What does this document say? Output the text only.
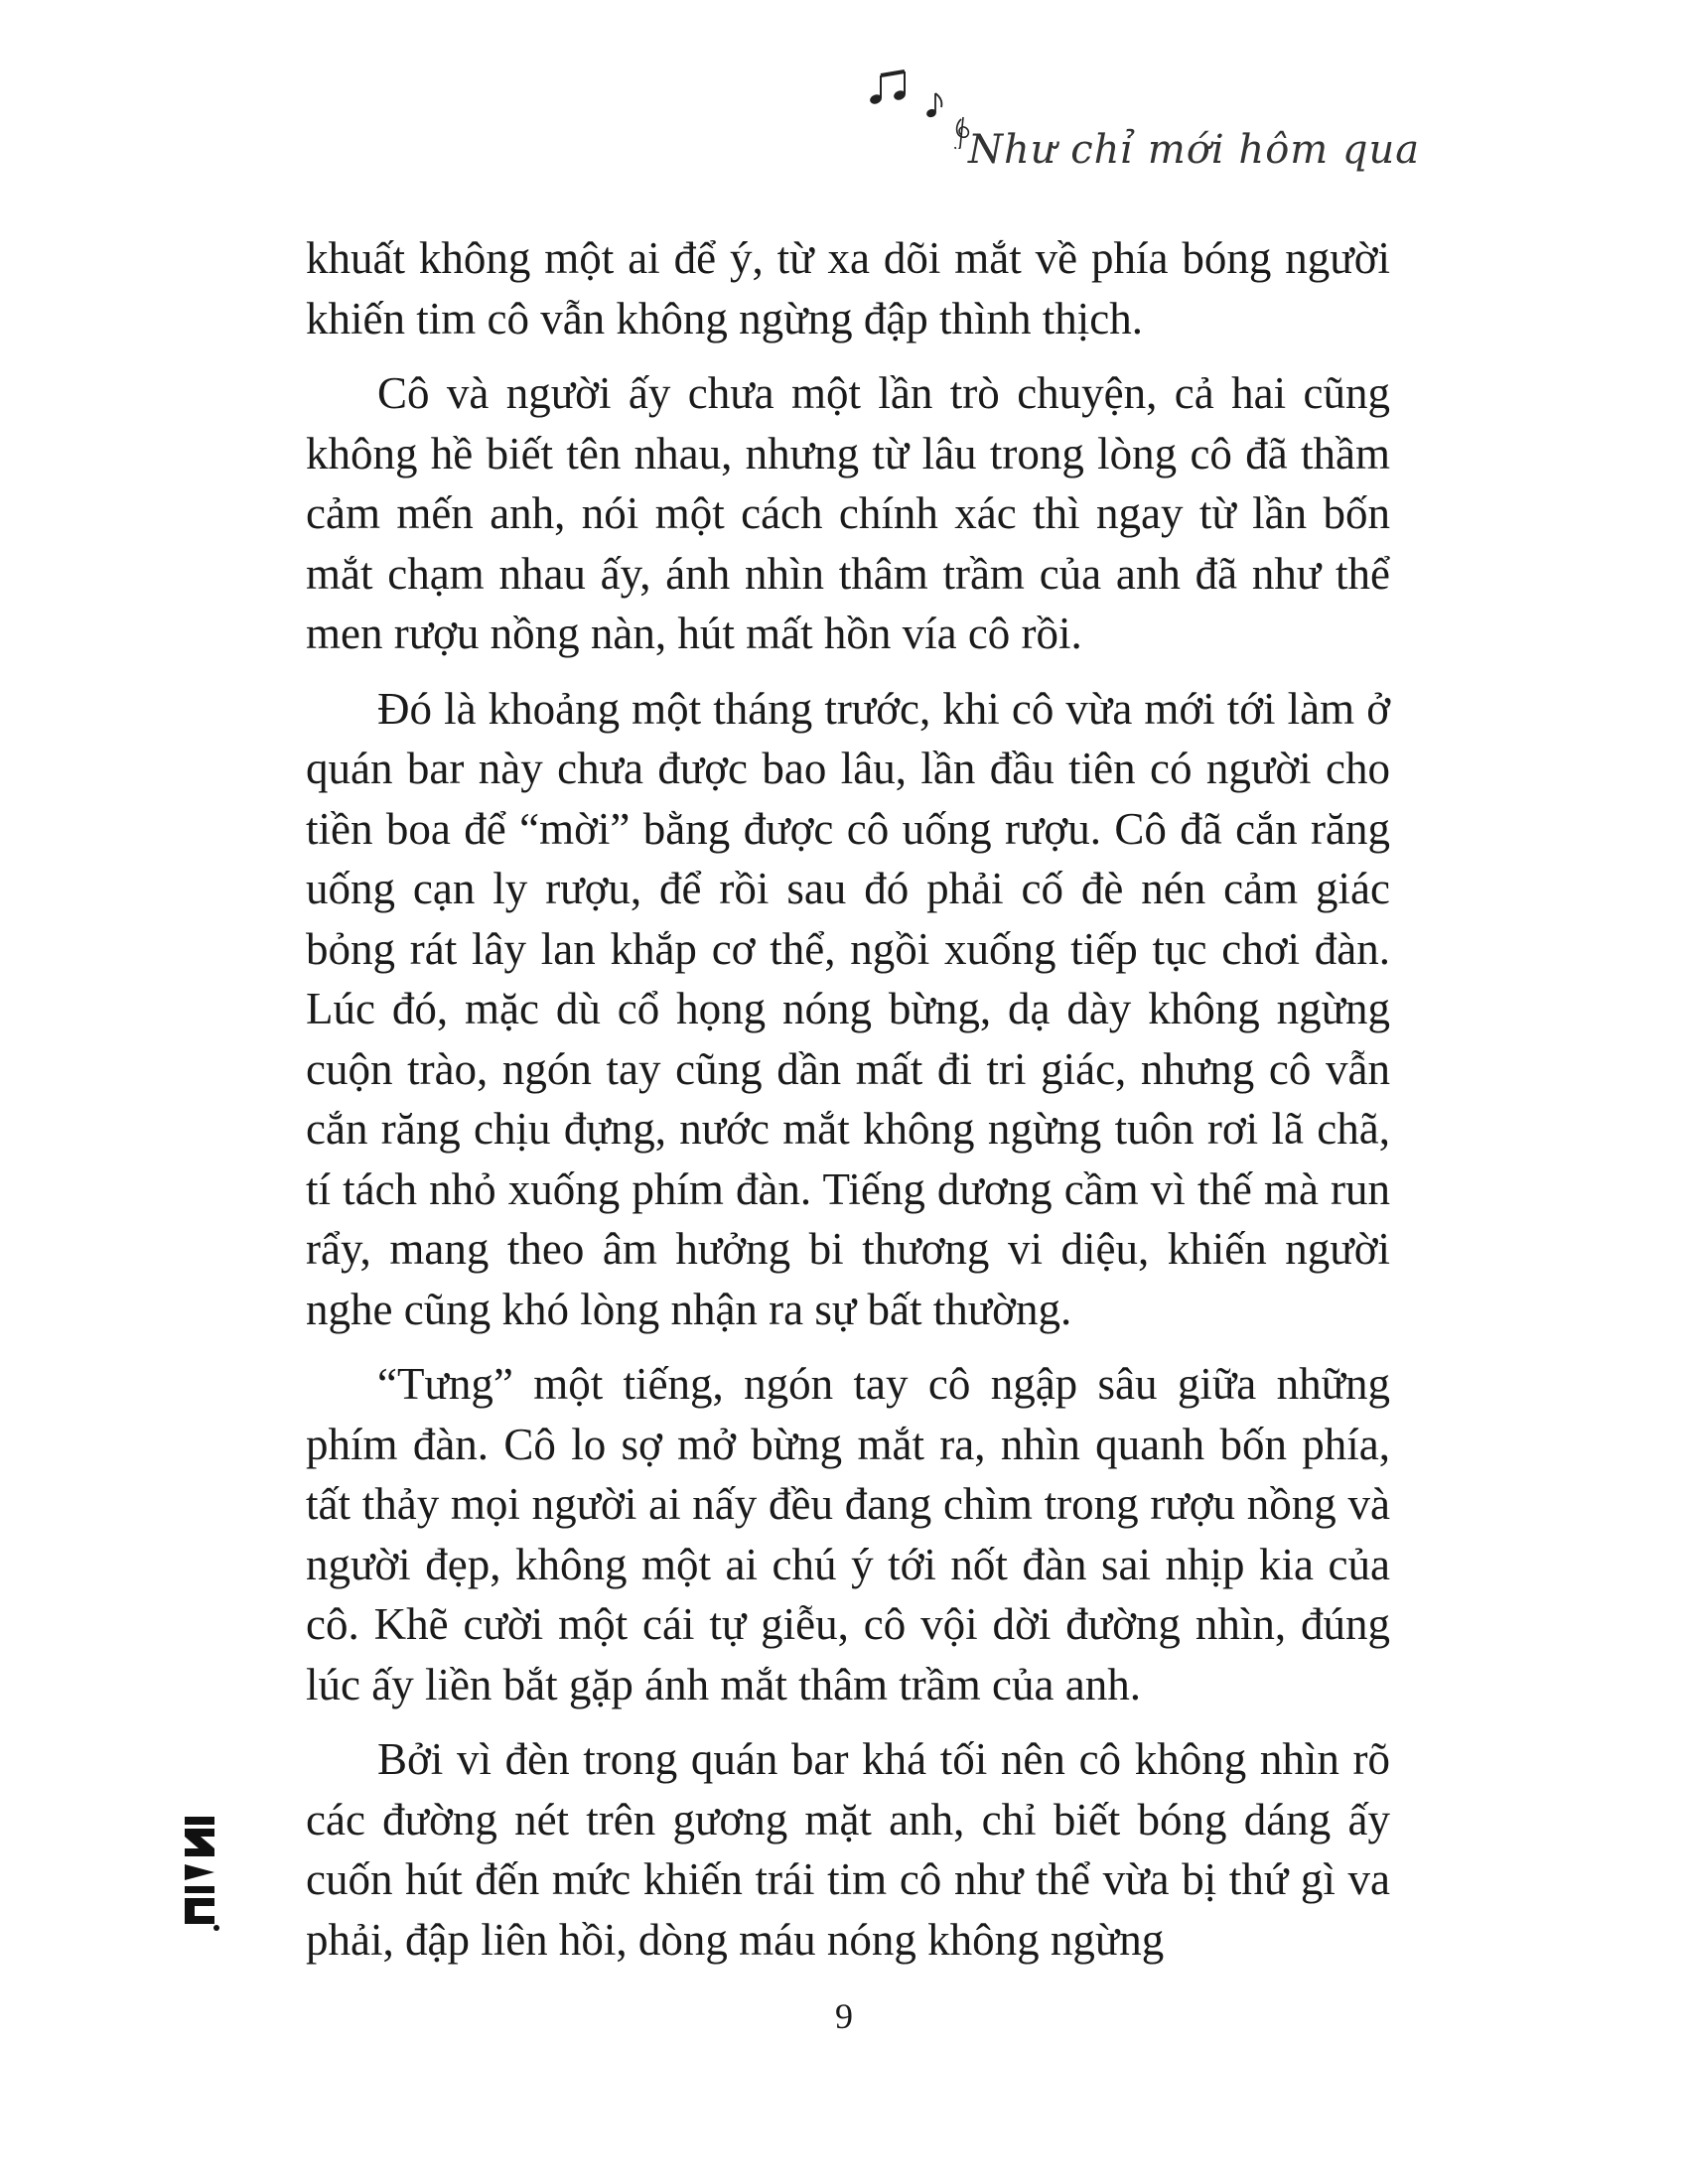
Như chỉ mới hôm qua

khuất không một ai để ý, từ xa dõi mắt về phía bóng người khiến tim cô vẫn không ngừng đập thình thịch.

Cô và người ấy chưa một lần trò chuyện, cả hai cũng không hề biết tên nhau, nhưng từ lâu trong lòng cô đã thầm cảm mến anh, nói một cách chính xác thì ngay từ lần bốn mắt chạm nhau ấy, ánh nhìn thâm trầm của anh đã như thể men rượu nồng nàn, hút mất hồn vía cô rồi.

Đó là khoảng một tháng trước, khi cô vừa mới tới làm ở quán bar này chưa được bao lâu, lần đầu tiên có người cho tiền boa để “mời” bằng được cô uống rượu. Cô đã cắn răng uống cạn ly rượu, để rồi sau đó phải cố đè nén cảm giác bỏng rát lây lan khắp cơ thể, ngồi xuống tiếp tục chơi đàn. Lúc đó, mặc dù cổ họng nóng bừng, dạ dày không ngừng cuộn trào, ngón tay cũng dần mất đi tri giác, nhưng cô vẫn cắn răng chịu đựng, nước mắt không ngừng tuôn rơi lã chã, tí tách nhỏ xuống phím đàn. Tiếng dương cầm vì thế mà run rẩy, mang theo âm hưởng bi thương vi diệu, khiến người nghe cũng khó lòng nhận ra sự bất thường.

“Tưng” một tiếng, ngón tay cô ngập sâu giữa những phím đàn. Cô lo sợ mở bừng mắt ra, nhìn quanh bốn phía, tất thảy mọi người ai nấy đều đang chìm trong rượu nồng và người đẹp, không một ai chú ý tới nốt đàn sai nhịp kia của cô. Khẽ cười một cái tự giễu, cô vội dời đường nhìn, đúng lúc ấy liền bắt gặp ánh mắt thâm trầm của anh.

Bởi vì đèn trong quán bar khá tối nên cô không nhìn rõ các đường nét trên gương mặt anh, chỉ biết bóng dáng ấy cuốn hút đến mức khiến trái tim cô như thể vừa bị thứ gì va phải, đập liên hồi, dòng máu nóng không ngừng

9
